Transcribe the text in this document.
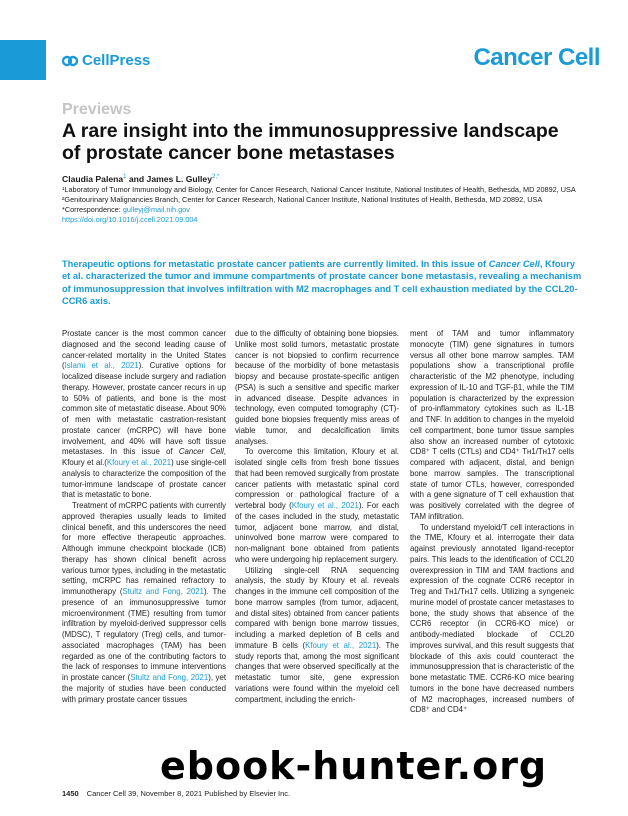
CellPress	Cancer Cell
Previews
A rare insight into the immunosuppressive landscape of prostate cancer bone metastases
Claudia Palena$^1$ and James L. Gulley$^{2,*}$

¹Laboratory of Tumor Immunology and Biology, Center for Cancer Research, National Cancer Institute, National Institutes of Health, Bethesda, MD 20892, USA

²Genitourinary Malignancies Branch, Center for Cancer Research, National Cancer Institute, National Institutes of Health, Bethesda, MD 20892, USA

*Correspondence: gulleyj@mail.nih.gov

https://doi.org/10.1016/j.ccell.2021.09.004

Therapeutic options for metastatic prostate cancer patients are currently limited. In this issue of Cancer Cell, Kfoury et al. characterized the tumor and immune compartments of prostate cancer bone metastasis, revealing a mechanism of immunosuppression that involves infiltration with M2 macrophages and T cell exhaustion mediated by the CCL20-CCR6 axis.

Prostate cancer is the most common cancer diagnosed and the second leading cause of cancer-related mortality in the United States (Islami et al., 2021). Curative options for localized disease include surgery and radiation therapy. However, prostate cancer recurs in up to 50% of patients, and bone is the most common site of metastatic disease. About 90% of men with metastatic castration-resistant prostate cancer (mCRPC) will have bone involvement, and 40% will have soft tissue metastases. In this issue of Cancer Cell, Kfoury et al.(Kfoury et al., 2021) use single-cell analysis to characterize the composition of the tumor-immune landscape of prostate cancer that is metastatic to bone.

Treatment of mCRPC patients with currently approved therapies usually leads to limited clinical benefit, and this underscores the need for more effective therapeutic approaches. Although immune checkpoint blockade (ICB) therapy has shown clinical benefit across various tumor types, including in the metastatic setting, mCRPC has remained refractory to immunotherapy (Stultz and Fong, 2021). The presence of an immunosuppressive tumor microenvironment (TME) resulting from tumor infiltration by myeloid-derived suppressor cells (MDSC), T regulatory (Treg) cells, and tumor-associated macrophages (TAM) has been regarded as one of the contributing factors to the lack of responses to immune interventions in prostate cancer (Stultz and Fong, 2021), yet the majority of studies have been conducted with primary prostate cancer tissues

due to the difficulty of obtaining bone biopsies. Unlike most solid tumors, metastatic prostate cancer is not biopsied to confirm recurrence because of the morbidity of bone metastasis biopsy and because prostate-specific antigen (PSA) is such a sensitive and specific marker in advanced disease. Despite advances in technology, even computed tomography (CT)-guided bone biopsies frequently miss areas of viable tumor, and decalcification limits analyses.

To overcome this limitation, Kfoury et al. isolated single cells from fresh bone tissues that had been removed surgically from prostate cancer patients with metastatic spinal cord compression or pathological fracture of a vertebral body (Kfoury et al., 2021). For each of the cases included in the study, metastatic tumor, adjacent bone marrow, and distal, uninvolved bone marrow were compared to non-malignant bone obtained from patients who were undergoing hip replacement surgery.

Utilizing single-cell RNA sequencing analysis, the study by Kfoury et al. reveals changes in the immune cell composition of the bone marrow samples (from tumor, adjacent, and distal sites) obtained from cancer patients compared with benign bone marrow tissues, including a marked depletion of B cells and immature B cells (Kfoury et al., 2021). The study reports that, among the most significant changes that were observed specifically at the metastatic tumor site, gene expression variations were found within the myeloid cell compartment, including the enrich-

ment of TAM and tumor inflammatory monocyte (TIM) gene signatures in tumors versus all other bone marrow samples. TAM populations show a transcriptional profile characteristic of the M2 phenotype, including expression of IL-10 and TGF-β1, while the TIM population is characterized by the expression of pro-inflammatory cytokines such as IL-1B and TNF. In addition to changes in the myeloid cell compartment, bone tumor tissue samples also show an increased number of cytotoxic CD8⁺ T cells (CTLs) and CD4⁺ Tʜ1/Tʜ17 cells compared with adjacent, distal, and benign bone marrow samples. The transcriptional state of tumor CTLs, however, corresponded with a gene signature of T cell exhaustion that was positively correlated with the degree of TAM infiltration.

To understand myeloid/T cell interactions in the TME, Kfoury et al. interrogate their data against previously annotated ligand-receptor pairs. This leads to the identification of CCL20 overexpression in TIM and TAM fractions and expression of the cognate CCR6 receptor in Treg and Tʜ1/Tʜ17 cells. Utilizing a syngeneic murine model of prostate cancer metastases to bone, the study shows that absence of the CCR6 receptor (in CCR6-KO mice) or antibody-mediated blockade of CCL20 improves survival, and this result suggests that blockade of this axis could counteract the immunosuppression that is characteristic of the bone metastatic TME. CCR6-KO mice bearing tumors in the bone have decreased numbers of M2 macrophages, increased numbers of CD8⁺ and CD4⁺

1450 Cancer Cell 39, November 8, 2021 Published by Elsevier Inc.
ebook-hunter.org
